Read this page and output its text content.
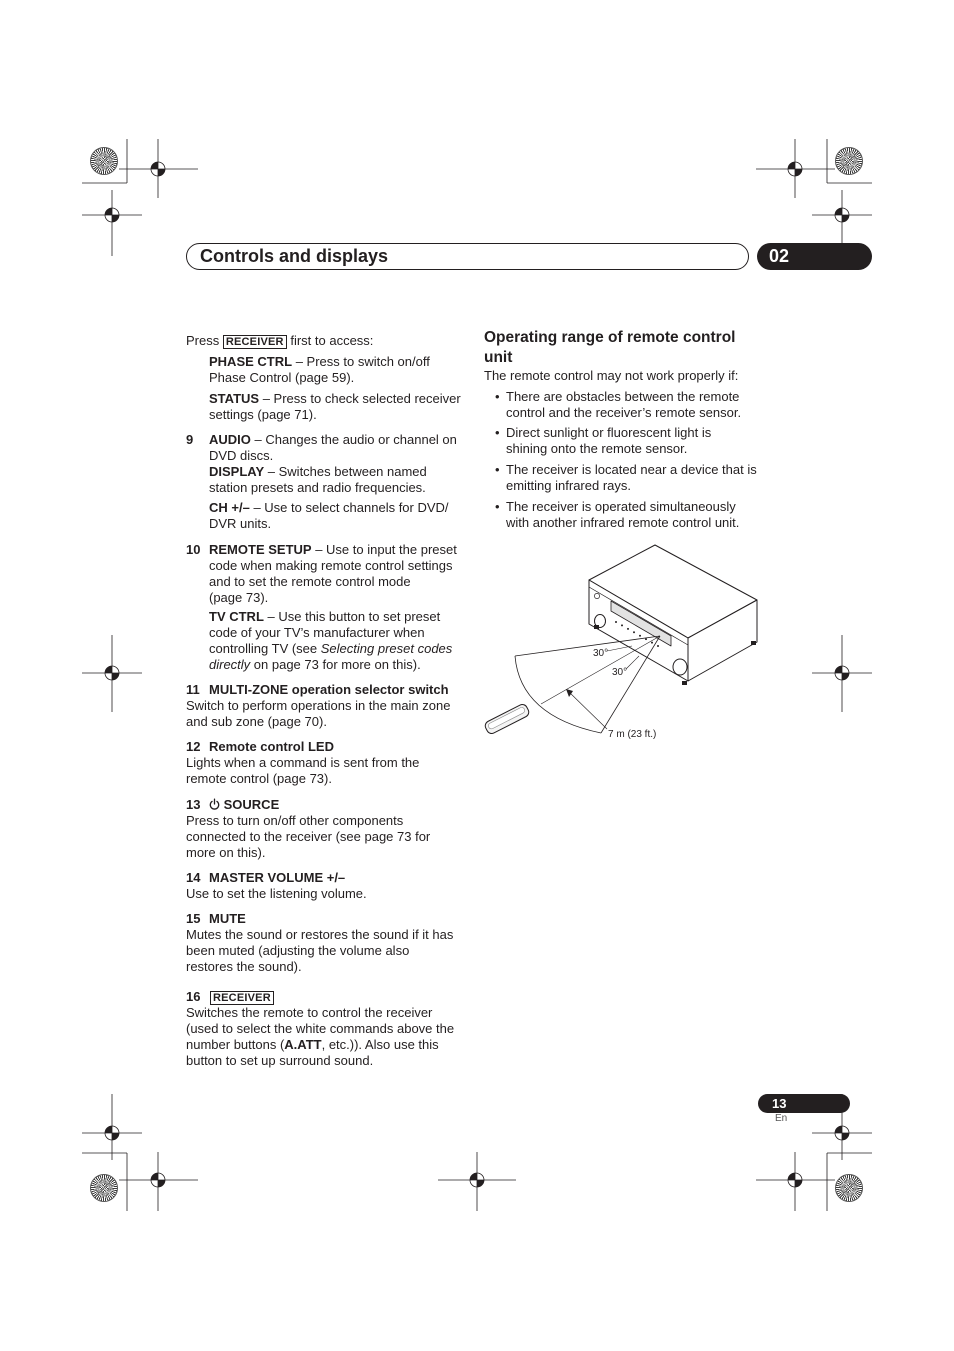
Controls and displays	02
Press RECEIVER first to access:
PHASE CTRL – Press to switch on/off
Phase Control (page 59).
STATUS – Press to check selected receiver
settings (page 71).
9 AUDIO – Changes the audio or channel on
DVD discs.
DISPLAY – Switches between named
station presets and radio frequencies.
CH +/– – Use to select channels for DVD/
DVR units.
10 REMOTE SETUP – Use to input the preset
code when making remote control settings
and to set the remote control mode
(page 73).
TV CTRL – Use this button to set preset
code of your TV’s manufacturer when
controlling TV (see Selecting preset codes
directly on page 73 for more on this).
11 MULTI-ZONE operation selector switch
Switch to perform operations in the main zone
and sub zone (page 70).
12 Remote control LED
Lights when a command is sent from the
remote control (page 73).
13	SOURCE
Press to turn on/off other components
connected to the receiver (see page 73 for
more on this).
14 MASTER VOLUME +/–
Use to set the listening volume.
15 MUTE
Mutes the sound or restores the sound if it has
been muted (adjusting the volume also
restores the sound).
16 RECEIVER
Switches the remote to control the receiver
(used to select the white commands above the
number buttons (A.ATT, etc.)). Also use this
button to set up surround sound.
Operating range of remote control
unit
The remote control may not work properly if:
• There are obstacles between the remote
control and the receiver’s remote sensor.
• Direct sunlight or fluorescent light is
shining onto the remote sensor.
• The receiver is located near a device that is
emitting infrared rays.
• The receiver is operated simultaneously
with another infrared remote control unit.
30°
30°
7 m (23 ft.)
13
En
